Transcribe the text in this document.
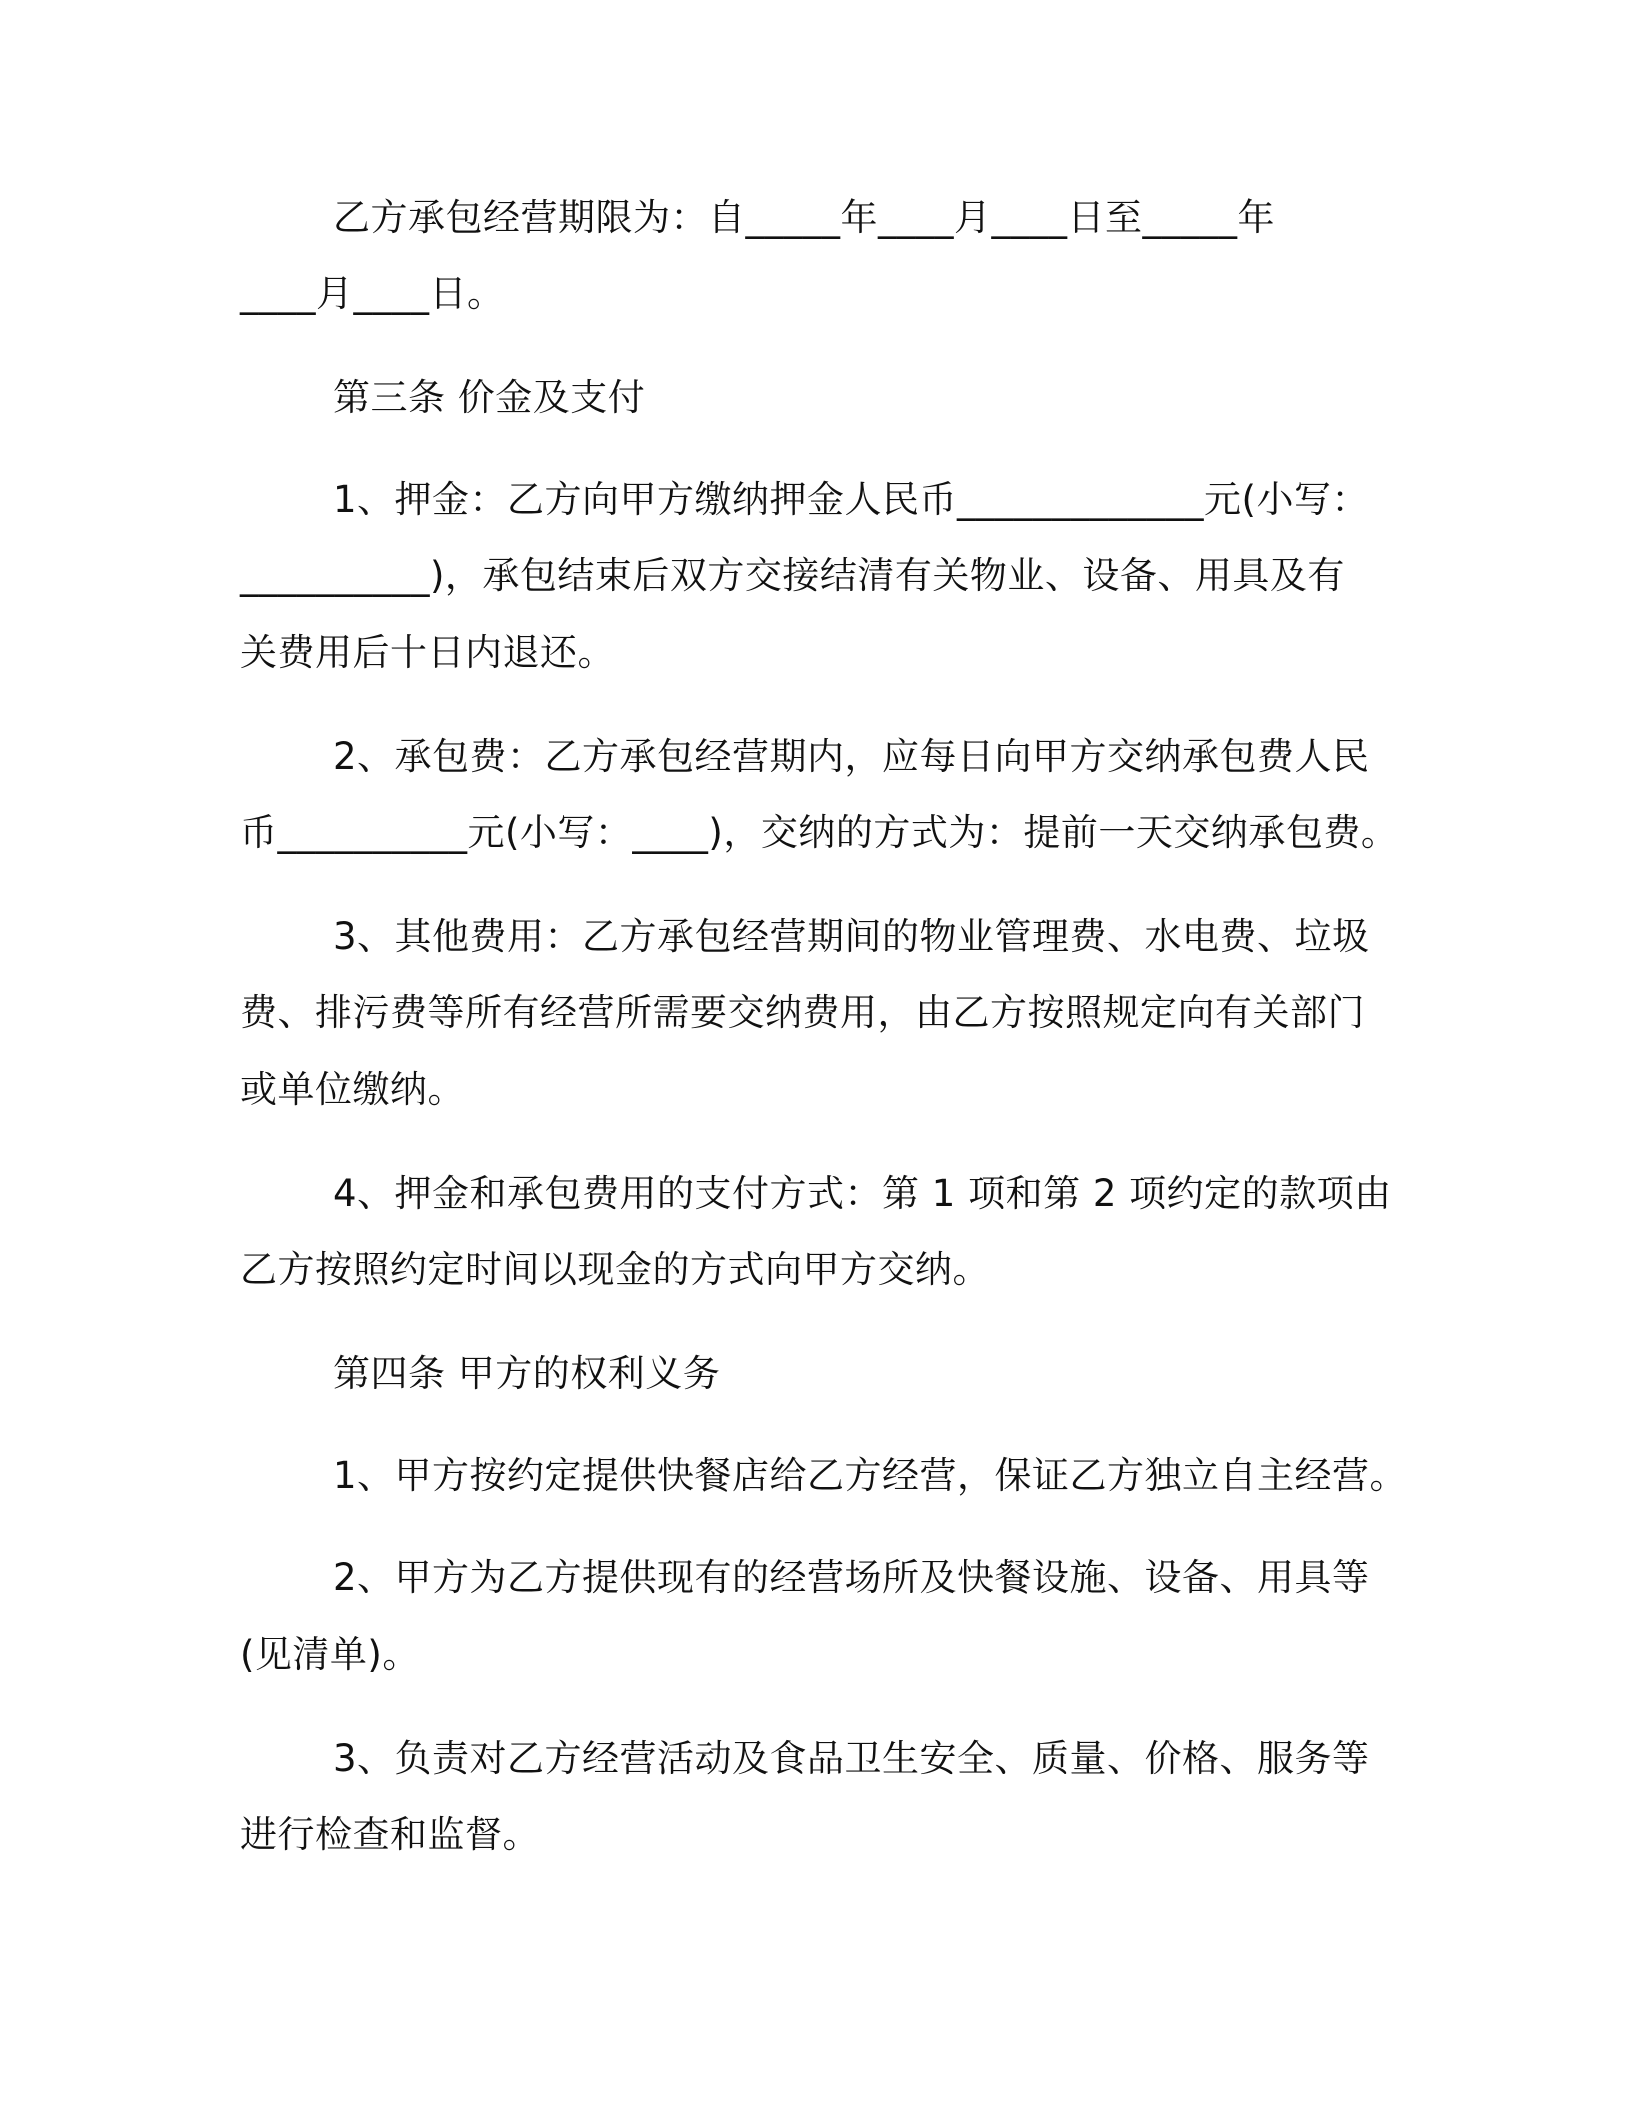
乙方承包经营期限为：自_____年____月____日至_____年
____月____日。
第三条 价金及支付
1、押金：乙方向甲方缴纳押金人民币_____________元(小写：
__________)，承包结束后双方交接结清有关物业、设备、用具及有
关费用后十日内退还。
2、承包费：乙方承包经营期内，应每日向甲方交纳承包费人民
币__________元(小写：____)，交纳的方式为：提前一天交纳承包费。
3、其他费用：乙方承包经营期间的物业管理费、水电费、垃圾
费、排污费等所有经营所需要交纳费用，由乙方按照规定向有关部门
或单位缴纳。
4、押金和承包费用的支付方式：第 1 项和第 2 项约定的款项由
乙方按照约定时间以现金的方式向甲方交纳。
第四条 甲方的权利义务
1、甲方按约定提供快餐店给乙方经营，保证乙方独立自主经营。
2、甲方为乙方提供现有的经营场所及快餐设施、设备、用具等
(见清单)。
3、负责对乙方经营活动及食品卫生安全、质量、价格、服务等
进行检查和监督。
